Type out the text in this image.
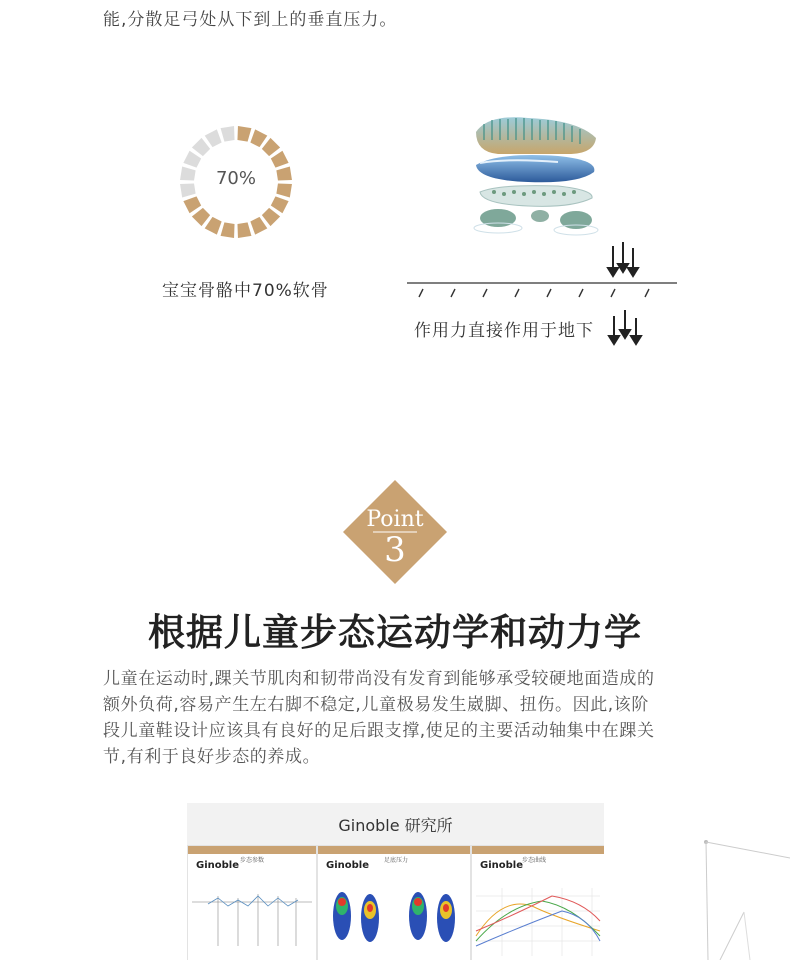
能,分散足弓处从下到上的垂直压力。
70%
宝宝骨骼中70%软骨
作用力直接作用于地下
Point
3
根据儿童步态运动学和动力学

儿童在运动时,踝关节肌肉和韧带尚没有发育到能够承受较硬地面造成的

额外负荷,容易产生左右脚不稳定,儿童极易发生崴脚、扭伤。因此,该阶

段儿童鞋设计应该具有良好的足后跟支撑,使足的主要活动轴集中在踝关

节,有利于良好步态的养成。

Ginoble 研究所
步态参数
Ginoble	足底压力
Ginoble	步态曲线
Ginoble
